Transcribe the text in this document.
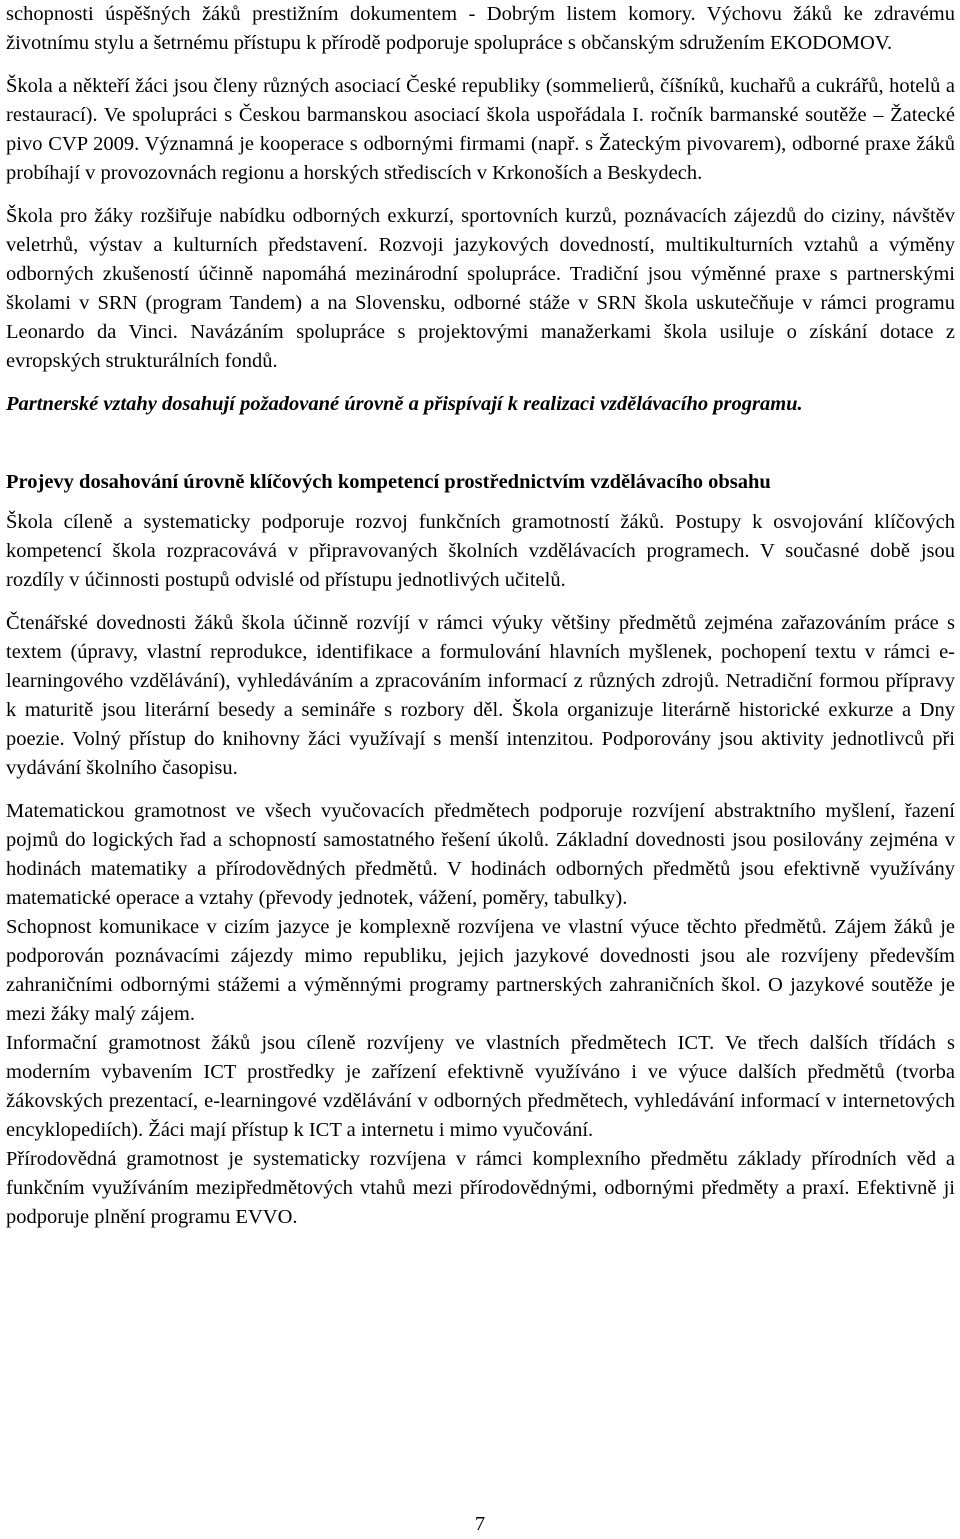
schopnosti úspěšných žáků prestižním dokumentem - Dobrým listem komory. Výchovu žáků ke zdravému životnímu stylu a šetrnému přístupu k přírodě podporuje spolupráce s občanským sdružením EKODOMOV.

Škola a někteří žáci jsou členy různých asociací České republiky (sommelierů, číšníků, kuchařů a cukrářů, hotelů a restaurací). Ve spolupráci s Českou barmanskou asociací škola uspořádala I. ročník barmanské soutěže – Žatecké pivo CVP 2009. Významná je kooperace s odbornými firmami (např. s Žateckým pivovarem), odborné praxe žáků probíhají v provozovnách regionu a horských střediscích v Krkonoších a Beskydech.

Škola pro žáky rozšiřuje nabídku odborných exkurzí, sportovních kurzů, poznávacích zájezdů do ciziny, návštěv veletrhů, výstav a kulturních představení. Rozvoji jazykových dovedností, multikulturních vztahů a výměny odborných zkušeností účinně napomáhá mezinárodní spolupráce. Tradiční jsou výměnné praxe s partnerskými školami v SRN (program Tandem) a na Slovensku, odborné stáže v SRN škola uskutečňuje v rámci programu Leonardo da Vinci. Navázáním spolupráce s projektovými manažerkami škola usiluje o získání dotace z evropských strukturálních fondů.

Partnerské vztahy dosahují požadované úrovně a přispívají k realizaci vzdělávacího programu.

Projevy dosahování úrovně klíčových kompetencí prostřednictvím vzdělávacího obsahu

Škola cíleně a systematicky podporuje rozvoj funkčních gramotností žáků. Postupy k osvojování klíčových kompetencí škola rozpracovává v připravovaných školních vzdělávacích programech. V současné době jsou rozdíly v účinnosti postupů odvislé od přístupu jednotlivých učitelů.

Čtenářské dovednosti žáků škola účinně rozvíjí v rámci výuky většiny předmětů zejména zařazováním práce s textem (úpravy, vlastní reprodukce, identifikace a formulování hlavních myšlenek, pochopení textu v rámci e-learningového vzdělávání), vyhledáváním a zpracováním informací z různých zdrojů. Netradiční formou přípravy k maturitě jsou literární besedy a semináře s rozbory děl. Škola organizuje literárně historické exkurze a Dny poezie. Volný přístup do knihovny žáci využívají s menší intenzitou. Podporovány jsou aktivity jednotlivců při vydávání školního časopisu.

Matematickou gramotnost ve všech vyučovacích předmětech podporuje rozvíjení abstraktního myšlení, řazení pojmů do logických řad a schopností samostatného řešení úkolů. Základní dovednosti jsou posilovány zejména v hodinách matematiky a přírodovědných předmětů. V hodinách odborných předmětů jsou efektivně využívány matematické operace a vztahy (převody jednotek, vážení, poměry, tabulky).

Schopnost komunikace v cizím jazyce je komplexně rozvíjena ve vlastní výuce těchto předmětů. Zájem žáků je podporován poznávacími zájezdy mimo republiku, jejich jazykové dovednosti jsou ale rozvíjeny především zahraničními odbornými stážemi a výměnnými programy partnerských zahraničních škol. O jazykové soutěže je mezi žáky malý zájem.

Informační gramotnost žáků jsou cíleně rozvíjeny ve vlastních předmětech ICT. Ve třech dalších třídách s moderním vybavením ICT prostředky je zařízení efektivně využíváno i ve výuce dalších předmětů (tvorba žákovských prezentací, e-learningové vzdělávání v odborných předmětech, vyhledávání informací v internetových encyklopediích). Žáci mají přístup k ICT a internetu i mimo vyučování.

Přírodovědná gramotnost je systematicky rozvíjena v rámci komplexního předmětu základy přírodních věd a funkčním využíváním mezipředmětových vtahů mezi přírodovědnými, odbornými předměty a praxí. Efektivně ji podporuje plnění programu EVVO.

7
